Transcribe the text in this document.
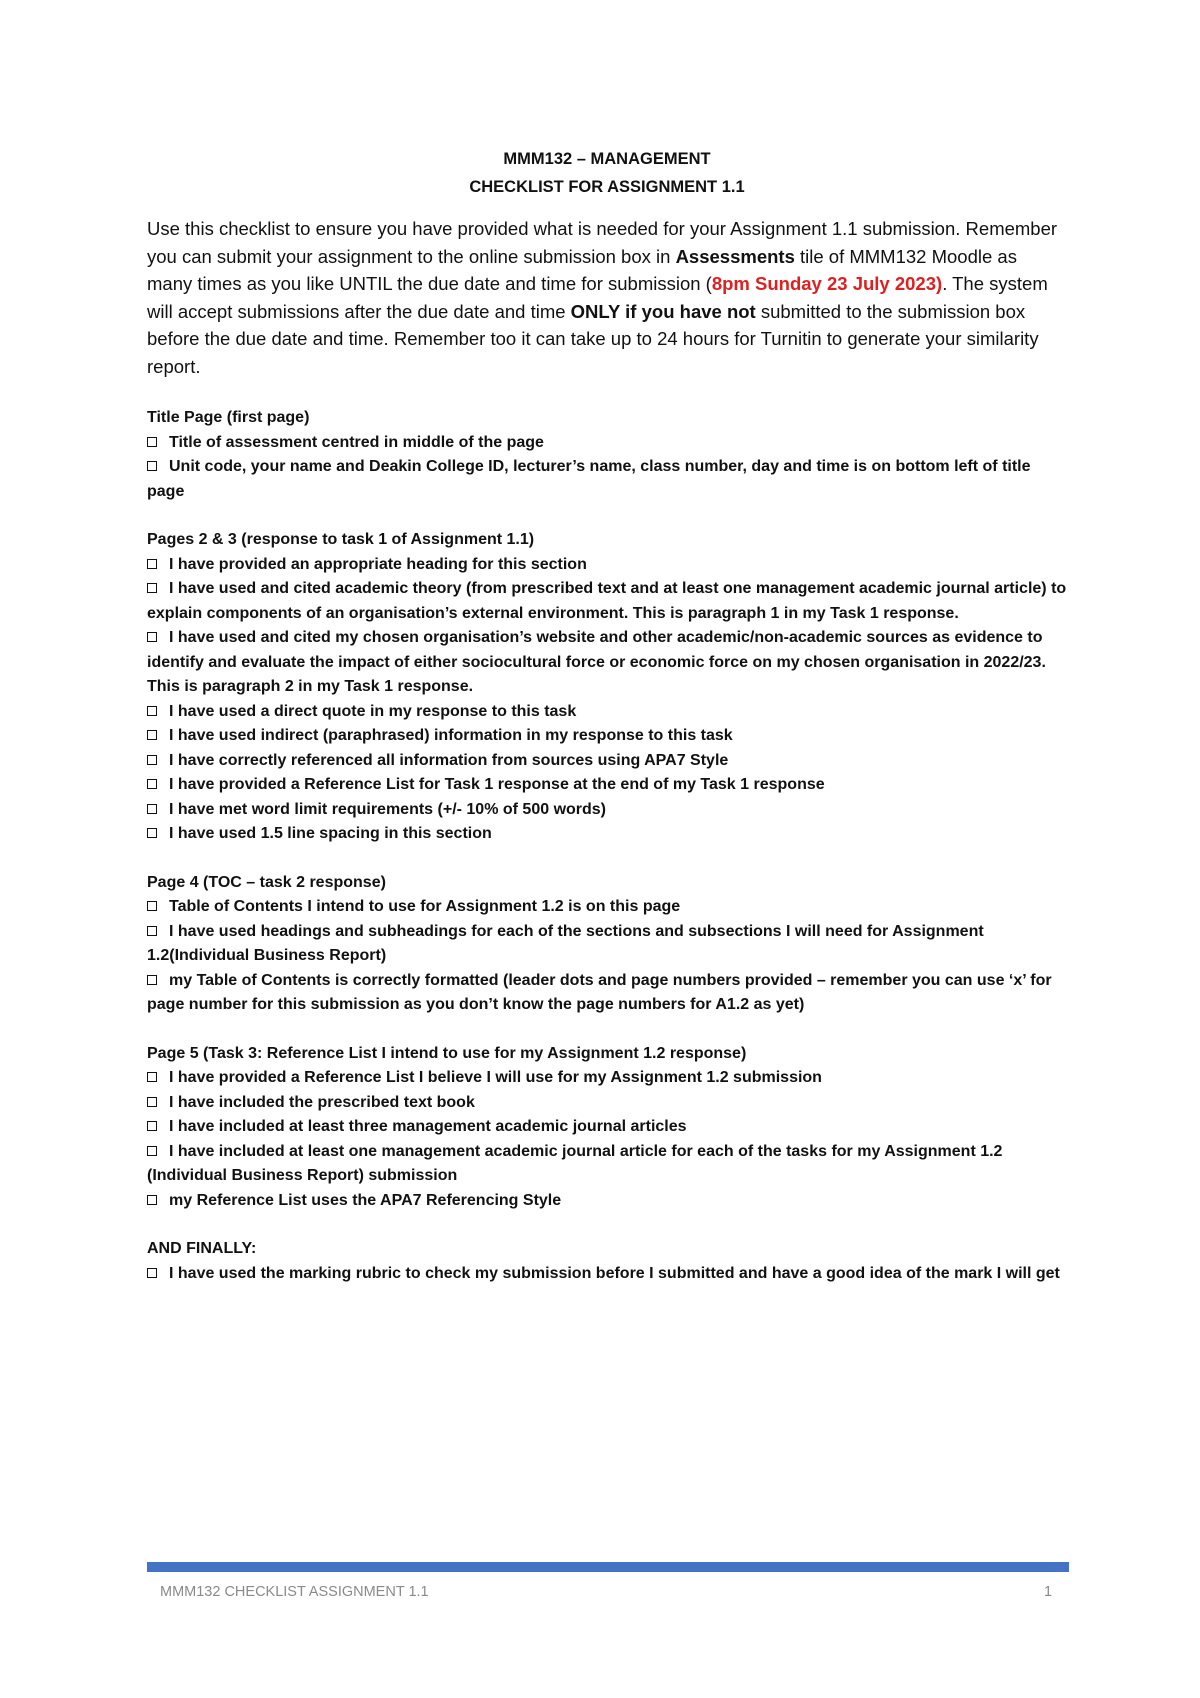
MMM132 – MANAGEMENT
CHECKLIST FOR ASSIGNMENT 1.1

Use this checklist to ensure you have provided what is needed for your Assignment 1.1 submission. Remember you can submit your assignment to the online submission box in Assessments tile of MMM132 Moodle as many times as you like UNTIL the due date and time for submission (8pm Sunday 23 July 2023). The system will accept submissions after the due date and time ONLY if you have not submitted to the submission box before the due date and time. Remember too it can take up to 24 hours for Turnitin to generate your similarity report.

Title Page (first page)
Title of assessment centred in middle of the page
Unit code, your name and Deakin College ID, lecturer’s name, class number, day and time is on bottom left of title page
Pages 2 & 3 (response to task 1 of Assignment 1.1)
I have provided an appropriate heading for this section
I have used and cited academic theory (from prescribed text and at least one management academic journal article) to explain components of an organisation’s external environment. This is paragraph 1 in my Task 1 response.
I have used and cited my chosen organisation’s website and other academic/non-academic sources as evidence to identify and evaluate the impact of either sociocultural force or economic force on my chosen organisation in 2022/23. This is paragraph 2 in my Task 1 response.
I have used a direct quote in my response to this task
I have used indirect (paraphrased) information in my response to this task
I have correctly referenced all information from sources using APA7 Style
I have provided a Reference List for Task 1 response at the end of my Task 1 response
I have met word limit requirements (+/- 10% of 500 words)
I have used 1.5 line spacing in this section
Page 4 (TOC – task 2 response)
Table of Contents I intend to use for Assignment 1.2 is on this page
I have used headings and subheadings for each of the sections and subsections I will need for Assignment 1.2(Individual Business Report)
my Table of Contents is correctly formatted (leader dots and page numbers provided – remember you can use ‘x’ for page number for this submission as you don’t know the page numbers for A1.2 as yet)
Page 5 (Task 3: Reference List I intend to use for my Assignment 1.2 response)
I have provided a Reference List I believe I will use for my Assignment 1.2 submission
I have included the prescribed text book
I have included at least three management academic journal articles
I have included at least one management academic journal article for each of the tasks for my Assignment 1.2 (Individual Business Report) submission
my Reference List uses the APA7 Referencing Style
AND FINALLY:
I have used the marking rubric to check my submission before I submitted and have a good idea of the mark I will get
MMM132 CHECKLIST ASSIGNMENT 1.1	1
